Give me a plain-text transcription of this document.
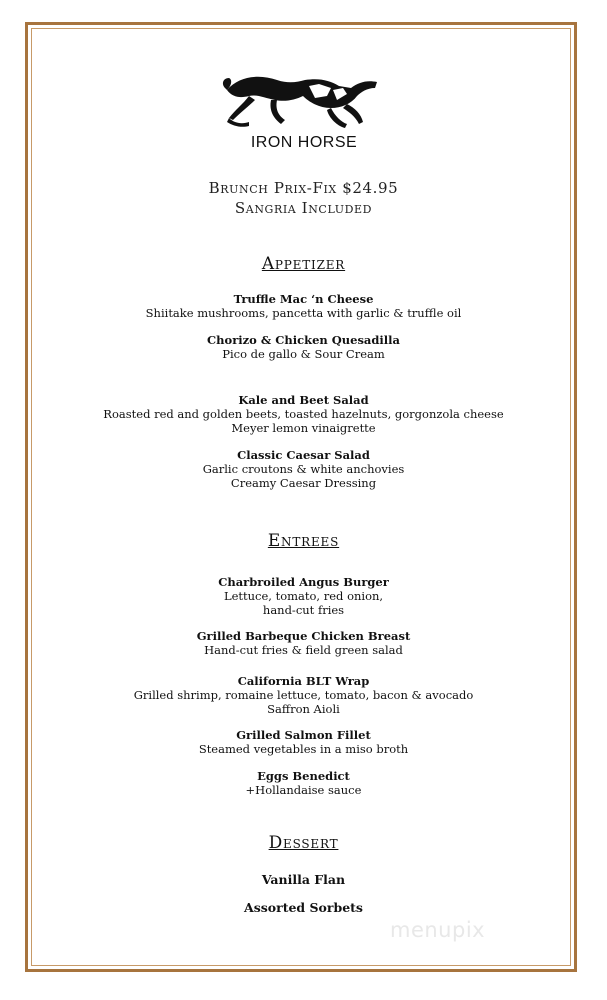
IRON HORSE
Brunch Prix-Fix $24.95
Sangria Included
Appetizer
Truffle Mac ‘n Cheese
Shiitake mushrooms, pancetta with garlic & truffle oil
Chorizo & Chicken Quesadilla
Pico de gallo & Sour Cream
Kale and Beet Salad
Roasted red and golden beets, toasted hazelnuts, gorgonzola cheese
Meyer lemon vinaigrette
Classic Caesar Salad
Garlic croutons & white anchovies
Creamy Caesar Dressing
Entrees
Charbroiled Angus Burger
Lettuce, tomato, red onion,
hand-cut fries
Grilled Barbeque Chicken Breast
Hand-cut fries & field green salad
California BLT Wrap
Grilled shrimp, romaine lettuce, tomato, bacon & avocado
Saffron Aioli
Grilled Salmon Fillet
Steamed vegetables in a miso broth
Eggs Benedict
+Hollandaise sauce
Dessert
Vanilla Flan
Assorted Sorbets
menupix
